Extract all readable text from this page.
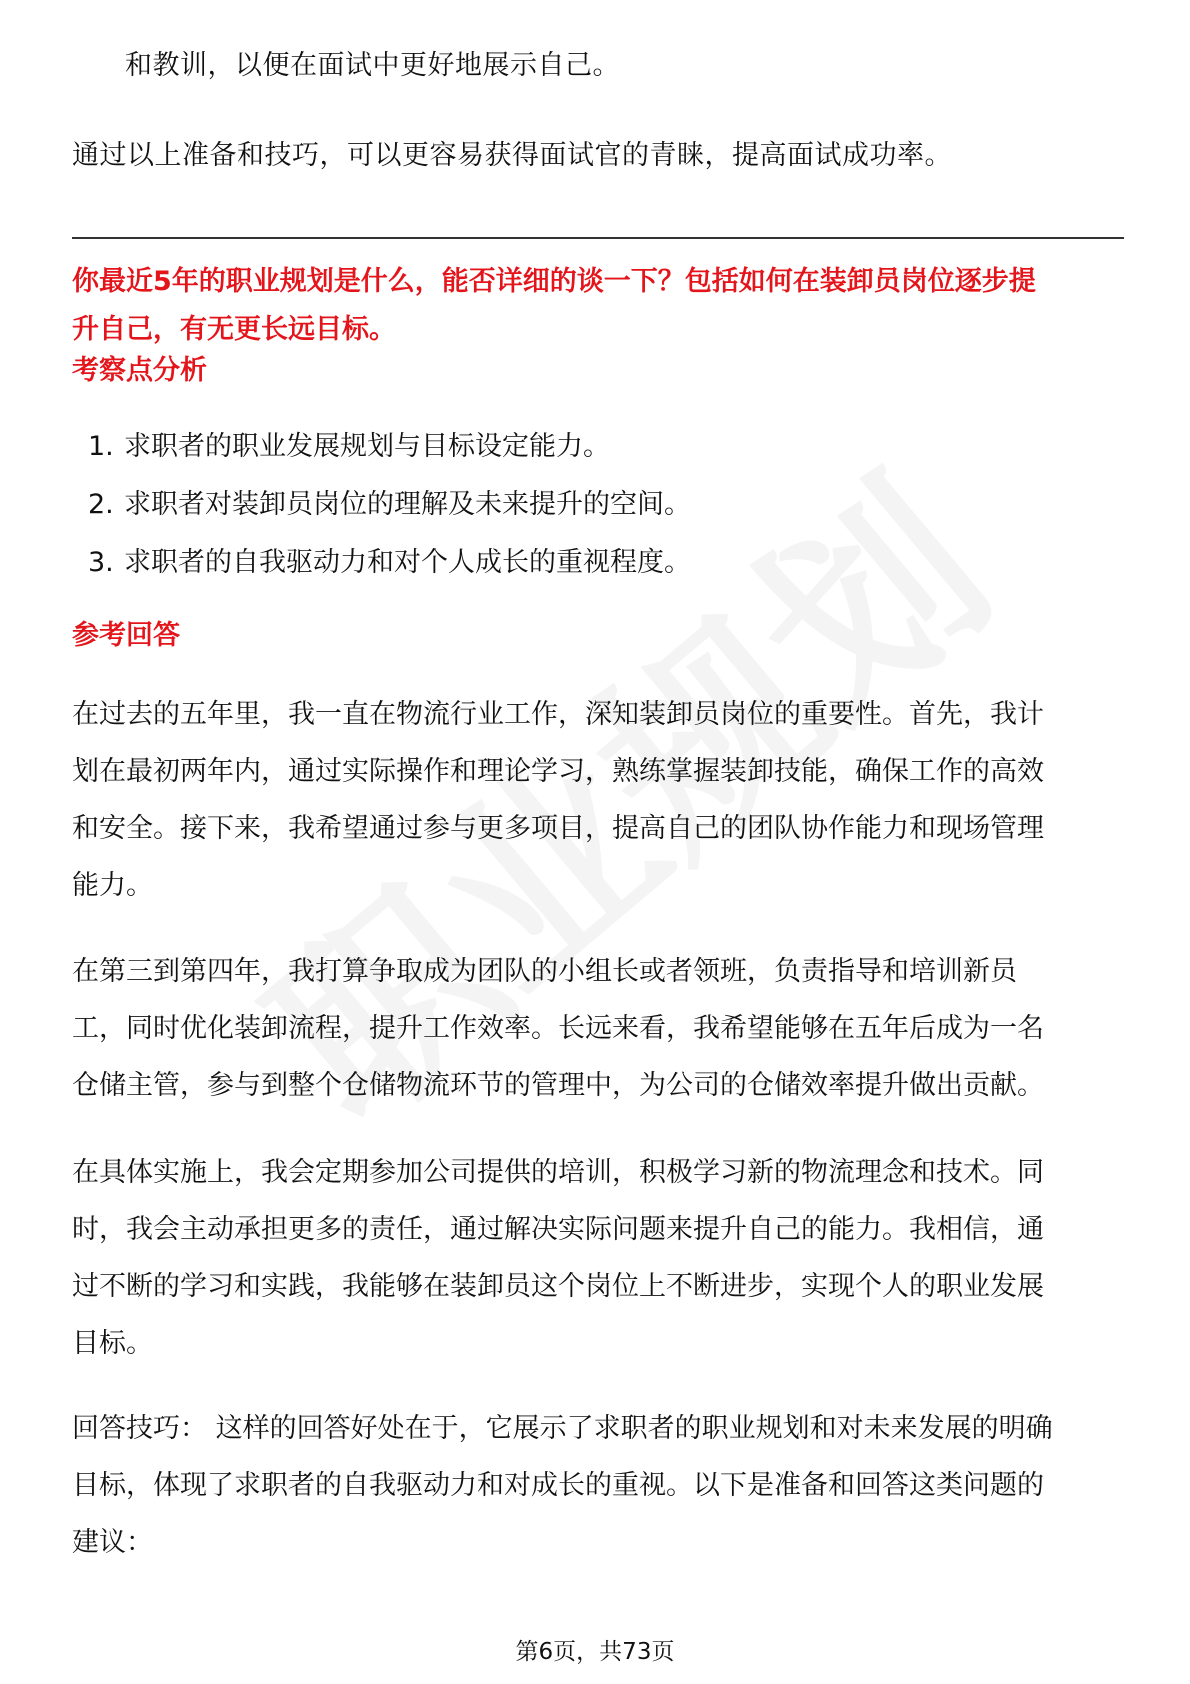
和教训，以便在面试中更好地展示自己。
通过以上准备和技巧，可以更容易获得面试官的青睐，提高面试成功率。
你最近5年的职业规划是什么，能否详细的谈一下？包括如何在装卸员岗位逐步提
升自己，有无更长远目标。
考察点分析
1. 求职者的职业发展规划与目标设定能力。
2. 求职者对装卸员岗位的理解及未来提升的空间。
3. 求职者的自我驱动力和对个人成长的重视程度。
参考回答
在过去的五年里，我一直在物流行业工作，深知装卸员岗位的重要性。首先，我计
划在最初两年内，通过实际操作和理论学习，熟练掌握装卸技能，确保工作的高效
和安全。接下来，我希望通过参与更多项目，提高自己的团队协作能力和现场管理
能力。
在第三到第四年，我打算争取成为团队的小组长或者领班，负责指导和培训新员
工，同时优化装卸流程，提升工作效率。长远来看，我希望能够在五年后成为一名
仓储主管，参与到整个仓储物流环节的管理中，为公司的仓储效率提升做出贡献。
在具体实施上，我会定期参加公司提供的培训，积极学习新的物流理念和技术。同
时，我会主动承担更多的责任，通过解决实际问题来提升自己的能力。我相信，通
过不断的学习和实践，我能够在装卸员这个岗位上不断进步，实现个人的职业发展
目标。
回答技巧： 这样的回答好处在于，它展示了求职者的职业规划和对未来发展的明确
目标，体现了求职者的自我驱动力和对成长的重视。以下是准备和回答这类问题的
建议：
第6页，共73页
